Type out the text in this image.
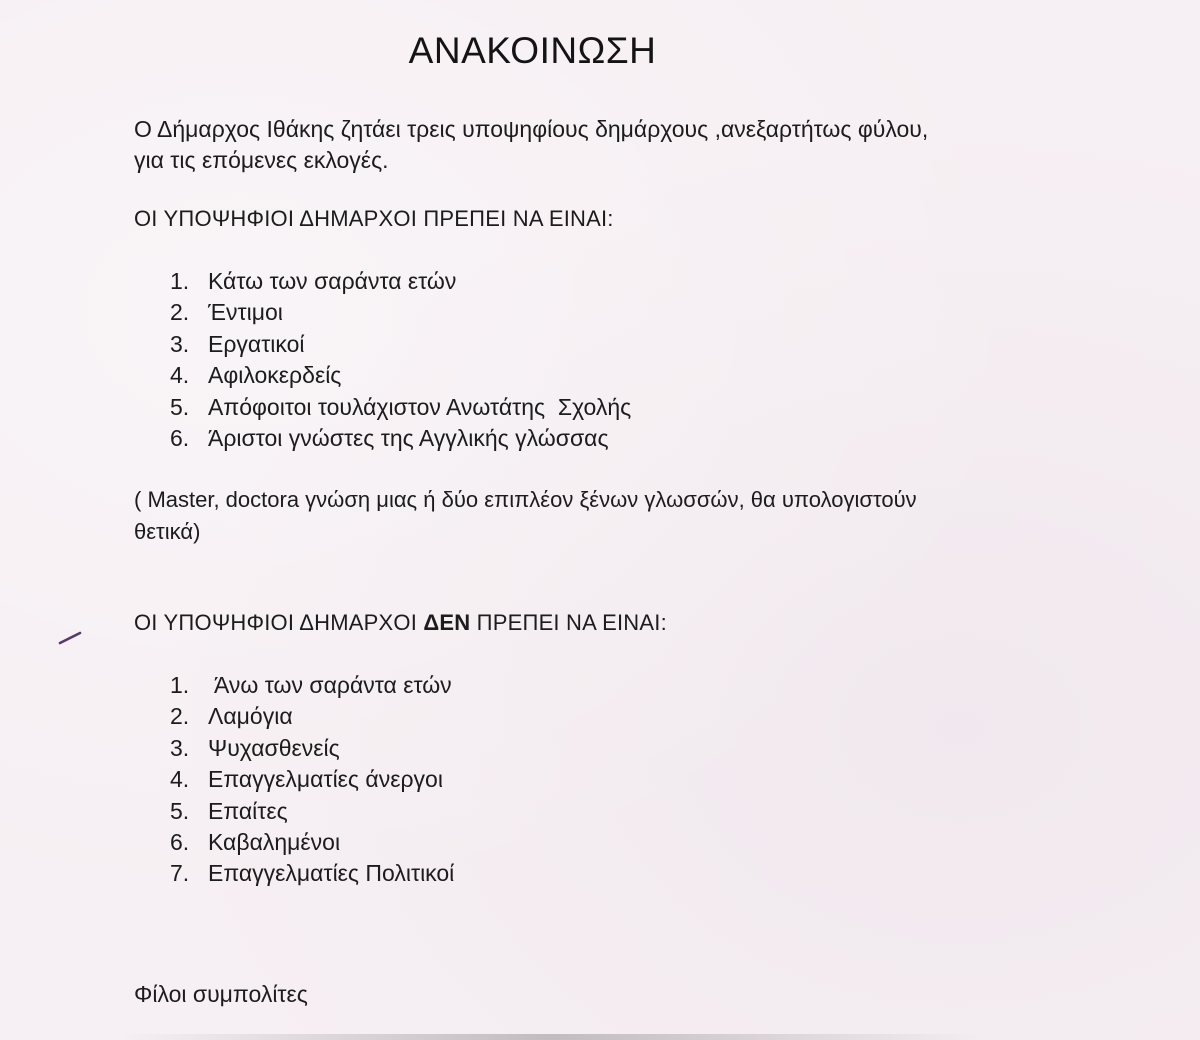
ΑΝΑΚΟΙΝΩΣΗ

Ο Δήμαρχος Ιθάκης ζητάει τρεις υποψηφίους δημάρχους ,ανεξαρτήτως φύλου, για τις επόμενες εκλογές.

ΟΙ ΥΠΟΨΗΦΙΟΙ ΔΗΜΑΡΧΟΙ ΠΡΕΠΕΙ ΝΑ ΕΙΝΑΙ:

1. Κάτω των σαράντα ετών
2. Έντιμοι
3. Εργατικοί
4. Αφιλοκερδείς
5. Απόφοιτοι τουλάχιστον Ανωτάτης  Σχολής
6. Άριστοι γνώστες της Αγγλικής γλώσσας

( Master, doctora γνώση μιας ή δύο επιπλέον ξένων γλωσσών, θα υπολογιστούν θετικά)

ΟΙ ΥΠΟΨΗΦΙΟΙ ΔΗΜΑΡΧΟΙ ΔΕΝ ΠΡΕΠΕΙ ΝΑ ΕΙΝΑΙ:

1.	Άνω των σαράντα ετών
2. Λαμόγια
3. Ψυχασθενείς
4. Επαγγελματίες άνεργοι
5. Επαίτες
6. Καβαλημένοι
7. Επαγγελματίες Πολιτικοί

Φίλοι συμπολίτες
